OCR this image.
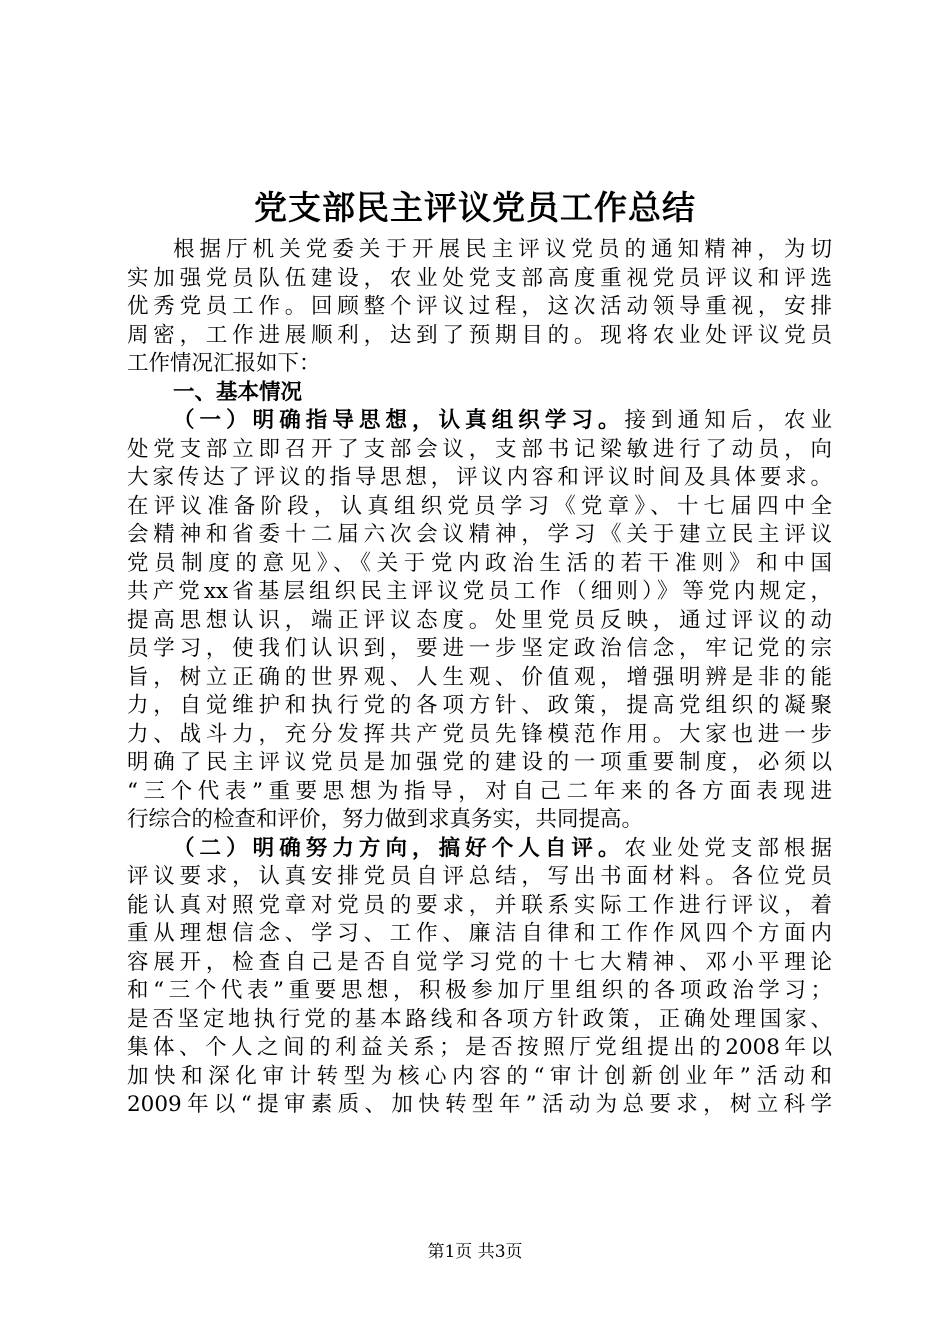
党支部民主评议党员工作总结
根据厅机关党委关于开展民主评议党员的通知精神，为切
实加强党员队伍建设，农业处党支部高度重视党员评议和评选
优秀党员工作。回顾整个评议过程，这次活动领导重视，安排
周密，工作进展顺利，达到了预期目的。现将农业处评议党员
工作情况汇报如下：
一、基本情况
（一）明确指导思想，认真组织学习。接到通知后，农业
处党支部立即召开了支部会议，支部书记梁敏进行了动员，向
大家传达了评议的指导思想，评议内容和评议时间及具体要求。
在评议准备阶段，认真组织党员学习《党章》、十七届四中全
会精神和省委十二届六次会议精神，学习《关于建立民主评议
党员制度的意见》、《关于党内政治生活的若干准则》和中国
共产党xx省基层组织民主评议党员工作（细则）》等党内规定，
提高思想认识，端正评议态度。处里党员反映，通过评议的动
员学习，使我们认识到，要进一步坚定政治信念，牢记党的宗
旨，树立正确的世界观、人生观、价值观，增强明辨是非的能
力，自觉维护和执行党的各项方针、政策，提高党组织的凝聚
力、战斗力，充分发挥共产党员先锋模范作用。大家也进一步
明确了民主评议党员是加强党的建设的一项重要制度，必须以
“三个代表”重要思想为指导，对自己二年来的各方面表现进
行综合的检查和评价，努力做到求真务实，共同提高。
（二）明确努力方向，搞好个人自评。农业处党支部根据
评议要求，认真安排党员自评总结，写出书面材料。各位党员
能认真对照党章对党员的要求，并联系实际工作进行评议，着
重从理想信念、学习、工作、廉洁自律和工作作风四个方面内
容展开，检查自己是否自觉学习党的十七大精神、邓小平理论
和“三个代表”重要思想，积极参加厅里组织的各项政治学习；
是否坚定地执行党的基本路线和各项方针政策，正确处理国家、
集体、个人之间的利益关系；是否按照厅党组提出的2008年以
加快和深化审计转型为核心内容的“审计创新创业年”活动和
2009年以“提审素质、加快转型年”活动为总要求，树立科学
第1页 共3页
